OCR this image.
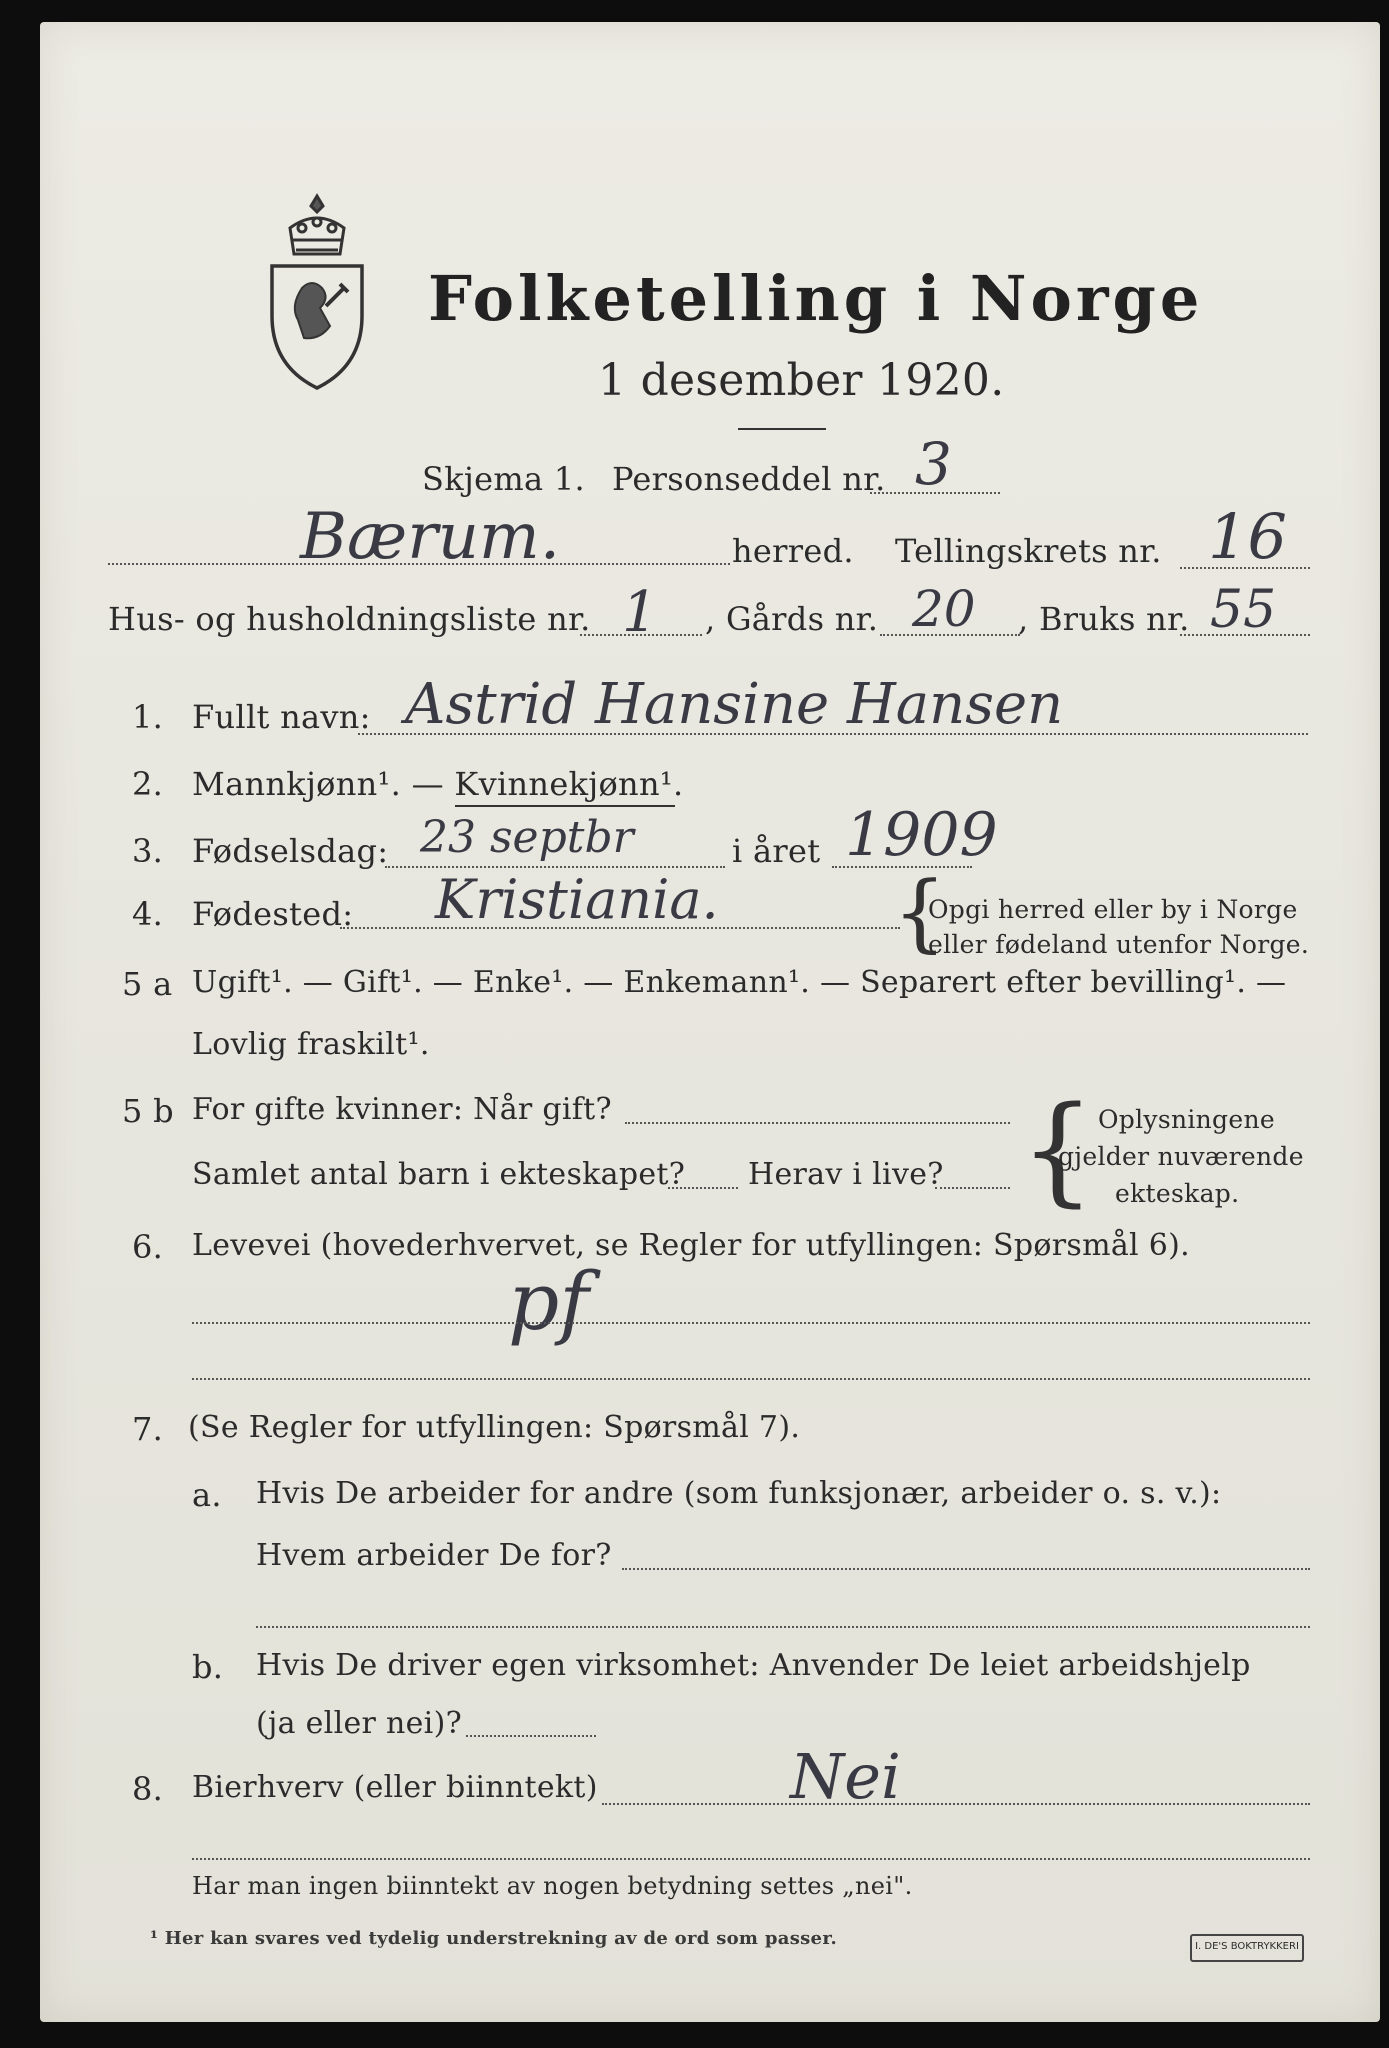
Folketelling i Norge
1 desember 1920.
Skjema 1. Personseddel nr. 3
Bærum.	herred. Tellingskrets nr. 16
Hus- og husholdningsliste nr. 1 , Gårds nr. 20 , Bruks nr. 55
1. Fullt navn: Astrid Hansine Hansen
2. Mannkjønn¹. — Kvinnekjønn¹.
3. Fødselsdag: 23 septbr	i året 1909
4. Fødested: Kristiania. {
Opgi herred eller by i Norge
eller fødeland utenfor Norge.
5 a Ugift¹. — Gift¹. — Enke¹. — Enkemann¹. — Separert efter bevilling¹. —
Lovlig fraskilt¹.
5 b For gifte kvinner: Når gift?
Samlet antal barn i ekteskapet? Herav i live? { Oplysningene
gjelder nuværende
ekteskap.
6. Levevei (hovederhvervet, se Regler for utfyllingen: Spørsmål 6).
pf
7. (Se Regler for utfyllingen: Spørsmål 7).
a. Hvis De arbeider for andre (som funksjonær, arbeider o. s. v.):
Hvem arbeider De for?
b. Hvis De driver egen virksomhet: Anvender De leiet arbeidshjelp
(ja eller nei)?
8. Bierhverv (eller biinntekt)	Nei
Har man ingen biinntekt av nogen betydning settes „nei".
¹ Her kan svares ved tydelig understrekning av de ord som passer.	I. DE'S BOKTRYKKERI
